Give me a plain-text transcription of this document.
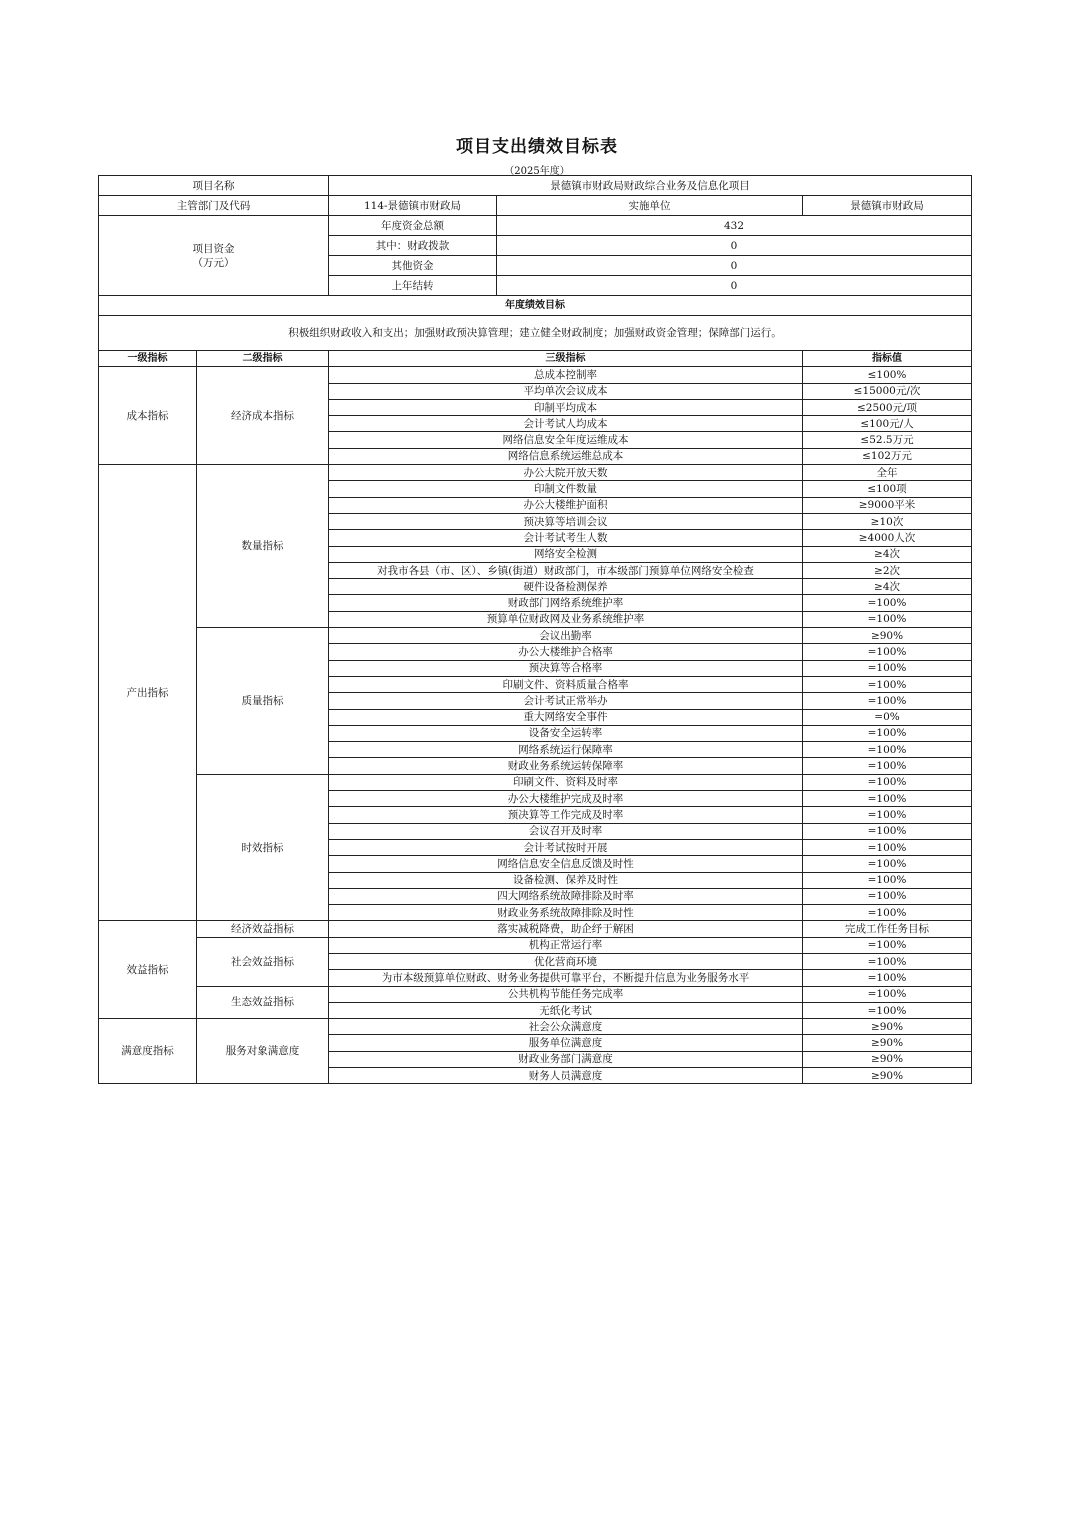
项目支出绩效目标表
（2025年度）
项目名称		景德镇市财政局财政综合业务及信息化项目		
主管部门及代码		114-景德镇市财政局	实施单位	景德镇市财政局

项目资金
（万元）		年度资金总额	432	
		其中：财政拨款	0	
		其他资金	0	
		上年结转	0	
年度绩效目标				
积极组织财政收入和支出；加强财政预决算管理；建立健全财政制度；加强财政资金管理；保障部门运行。				
一级指标	二级指标	三级指标		指标值
成本指标	经济成本指标	总成本控制率		≤100%
		平均单次会议成本		≤15000元/次
		印制平均成本		≤2500元/项
		会计考试人均成本		≤100元/人
		网络信息安全年度运维成本		≤52.5万元
		网络信息系统运维总成本		≤102万元
产出指标	数量指标	办公大院开放天数		全年
		印制文件数量		≤100项
		办公大楼维护面积		≥9000平米
		预决算等培训会议		≥10次
		会计考试考生人数		≥4000人次
		网络安全检测		≥4次
		对我市各县（市、区）、乡镇(街道）财政部门，市本级部门预算单位网络安全检查		≥2次
		硬件设备检测保养		≥4次
		财政部门网络系统维护率		=100%
		预算单位财政网及业务系统维护率		=100%
	质量指标	会议出勤率		≥90%
		办公大楼维护合格率		=100%
		预决算等合格率		=100%
		印刷文件、资料质量合格率		=100%
		会计考试正常举办		=100%
		重大网络安全事件		=0%
		设备安全运转率		=100%
		网络系统运行保障率		=100%
		财政业务系统运转保障率		=100%
	时效指标	印刷文件、资料及时率		=100%
		办公大楼维护完成及时率		=100%
		预决算等工作完成及时率		=100%
		会议召开及时率		=100%
		会计考试按时开展		=100%
		网络信息安全信息反馈及时性		=100%
		设备检测、保养及时性		=100%
		四大网络系统故障排除及时率		=100%
		财政业务系统故障排除及时性		=100%
效益指标	经济效益指标	落实减税降费，助企纾于解困		完成工作任务目标
	社会效益指标	机构正常运行率		=100%
		优化营商环境		=100%
		为市本级预算单位财政、财务业务提供可靠平台，不断提升信息为业务服务水平		=100%
	生态效益指标	公共机构节能任务完成率		=100%
		无纸化考试		=100%
满意度指标	服务对象满意度	社会公众满意度		≥90%
		服务单位满意度		≥90%
		财政业务部门满意度		≥90%
		财务人员满意度		≥90%
